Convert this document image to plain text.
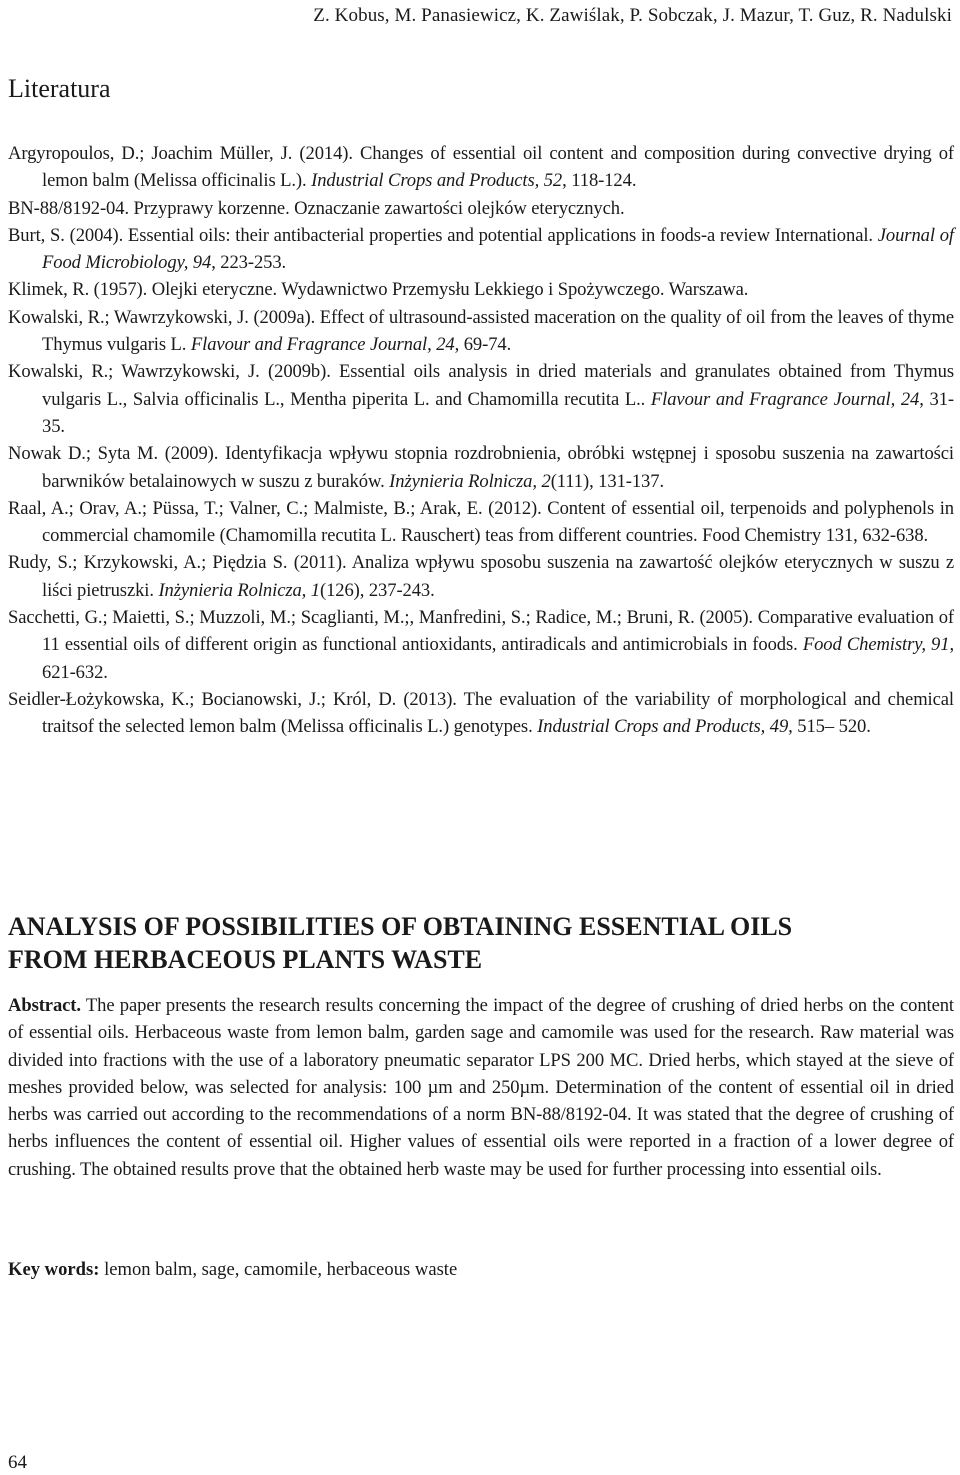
Z. Kobus, M. Panasiewicz, K. Zawiślak, P. Sobczak, J. Mazur, T. Guz, R. Nadulski
Literatura

Argyropoulos, D.; Joachim Müller, J. (2014). Changes of essential oil content and composition during convective drying of lemon balm (Melissa officinalis L.). Industrial Crops and Products, 52, 118-124.

BN-88/8192-04. Przyprawy korzenne. Oznaczanie zawartości olejków eterycznych.

Burt, S. (2004). Essential oils: their antibacterial properties and potential applications in foods-a review International. Journal of Food Microbiology, 94, 223-253.

Klimek, R. (1957). Olejki eteryczne. Wydawnictwo Przemysłu Lekkiego i Spożywczego. Warszawa.

Kowalski, R.; Wawrzykowski, J. (2009a). Effect of ultrasound-assisted maceration on the quality of oil from the leaves of thyme Thymus vulgaris L. Flavour and Fragrance Journal, 24, 69-74.

Kowalski, R.; Wawrzykowski, J. (2009b). Essential oils analysis in dried materials and granulates obtained from Thymus vulgaris L., Salvia officinalis L., Mentha piperita L. and Chamomilla recutita L.. Flavour and Fragrance Journal, 24, 31-35.

Nowak D.; Syta M. (2009). Identyfikacja wpływu stopnia rozdrobnienia, obróbki wstępnej i sposobu suszenia na zawartości barwników betalainowych w suszu z buraków. Inżynieria Rolnicza, 2(111), 131-137.

Raal, A.; Orav, A.; Püssa, T.; Valner, C.; Malmiste, B.; Arak, E. (2012). Content of essential oil, terpenoids and polyphenols in commercial chamomile (Chamomilla recutita L. Rauschert) teas from different countries. Food Chemistry 131, 632-638.

Rudy, S.; Krzykowski, A.; Piędzia S. (2011). Analiza wpływu sposobu suszenia na zawartość olejków eterycznych w suszu z liści pietruszki. Inżynieria Rolnicza, 1(126), 237-243.

Sacchetti, G.; Maietti, S.; Muzzoli, M.; Scaglianti, M.;, Manfredini, S.; Radice, M.; Bruni, R. (2005). Comparative evaluation of 11 essential oils of different origin as functional antioxidants, antiradicals and antimicrobials in foods. Food Chemistry, 91, 621-632.

Seidler-Łożykowska, K.; Bocianowski, J.; Król, D. (2013). The evaluation of the variability of morphological and chemical traitsof the selected lemon balm (Melissa officinalis L.) genotypes. Industrial Crops and Products, 49, 515– 520.

ANALYSIS OF POSSIBILITIES OF OBTAINING ESSENTIAL OILS
FROM HERBACEOUS PLANTS WASTE

Abstract. The paper presents the research results concerning the impact of the degree of crushing of dried herbs on the content of essential oils. Herbaceous waste from lemon balm, garden sage and camomile was used for the research. Raw material was divided into fractions with the use of a laboratory pneumatic separator LPS 200 MC. Dried herbs, which stayed at the sieve of meshes provided below, was selected for analysis: 100 µm and 250µm. Determination of the content of essential oil in dried herbs was carried out according to the recommendations of a norm BN-88/8192-04. It was stated that the degree of crushing of herbs influences the content of essential oil. Higher values of essential oils were reported in a fraction of a lower degree of crushing. The obtained results prove that the obtained herb waste may be used for further processing into essential oils.

Key words: lemon balm, sage, camomile, herbaceous waste

64
